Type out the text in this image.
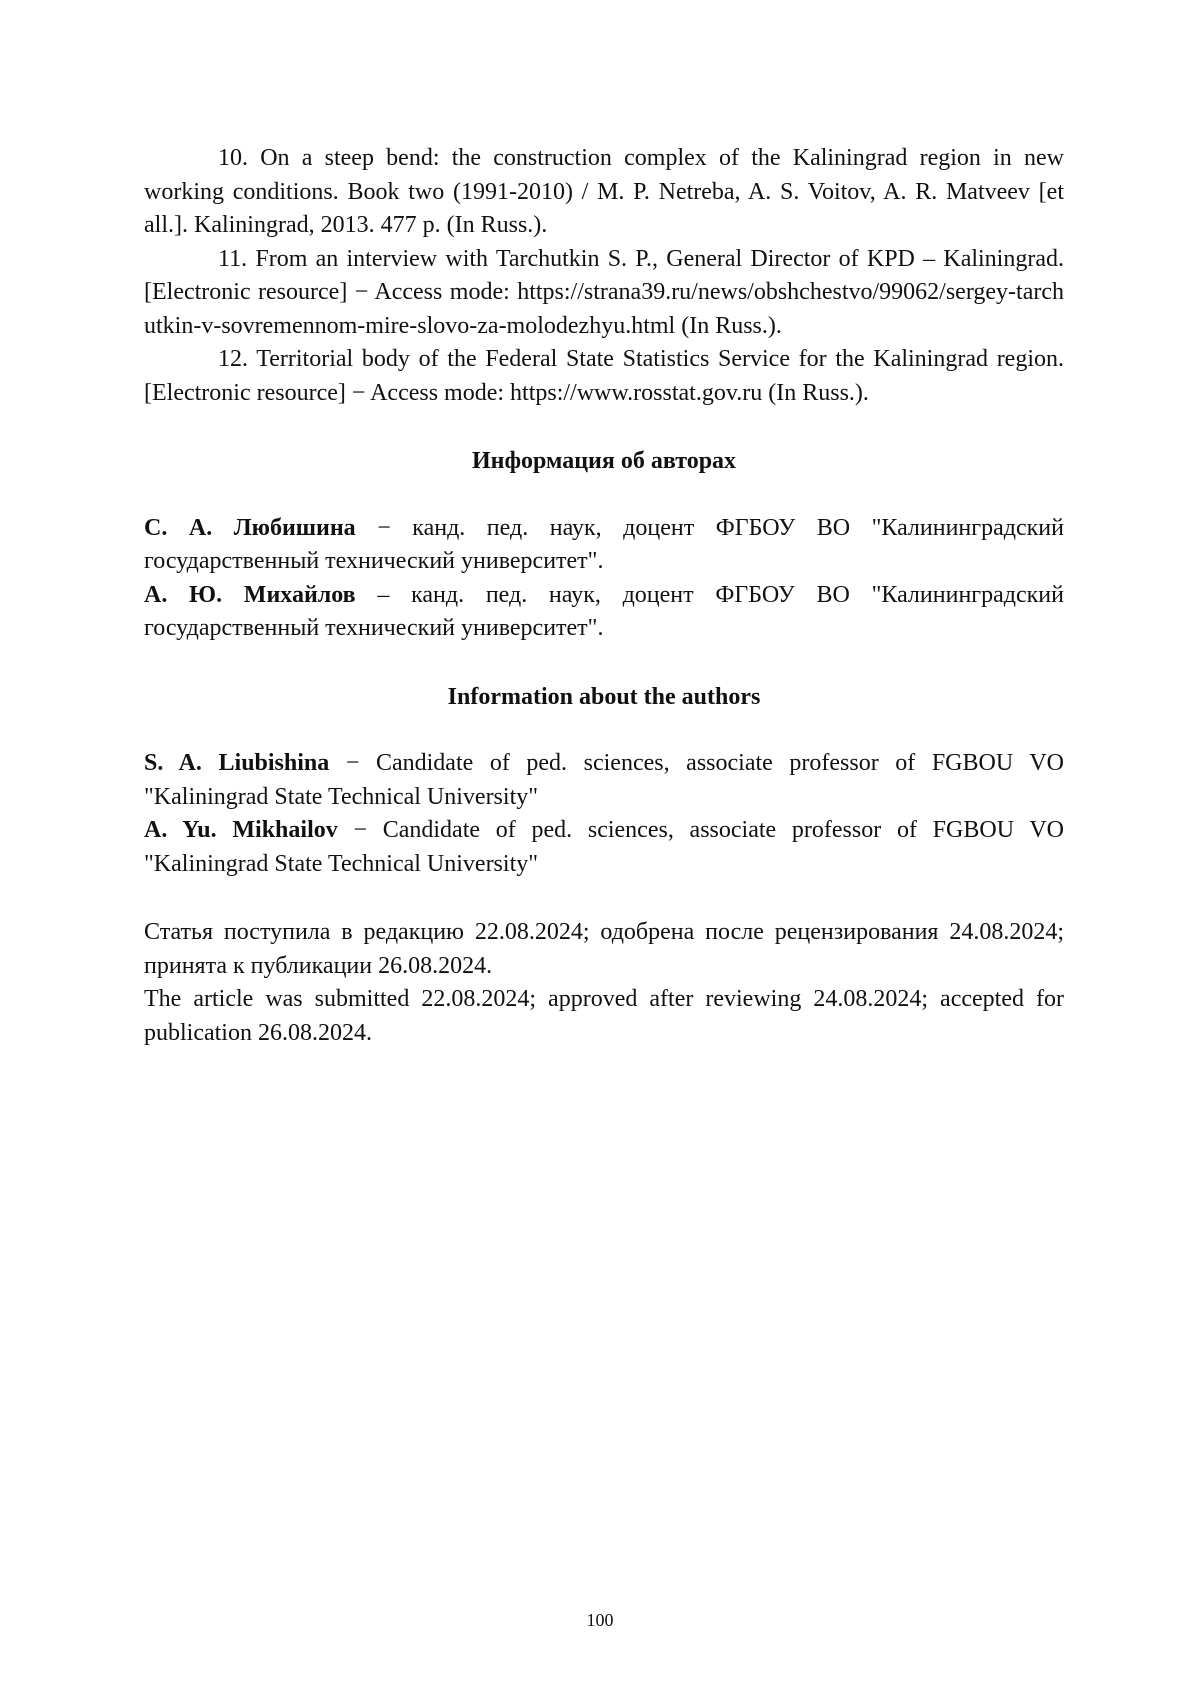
10. On a steep bend: the construction complex of the Kaliningrad region in new working conditions. Book two (1991-2010) / M. P. Netreba, A. S. Voitov, A. R. Matveev [et all.]. Kaliningrad, 2013. 477 p. (In Russ.).

11. From an interview with Tarchutkin S. P., General Director of KPD – Kaliningrad. [Electronic resource] − Access mode: https://strana39.ru/news/obshchestvo/99062/sergey-tarchutkin-v-sovremennom-mire-slovo-za-molodezhyu.html (In Russ.).

12. Territorial body of the Federal State Statistics Service for the Kaliningrad region. [Electronic resource] − Access mode: https://www.rosstat.gov.ru (In Russ.).

Информация об авторах

С. А. Любишина − канд. пед. наук, доцент ФГБОУ ВО "Калининградский государственный технический университет".

А. Ю. Михайлов – канд. пед. наук, доцент ФГБОУ ВО "Калининградский государственный технический университет".

Information about the authors

S. A. Liubishina − Candidate of ped. sciences, associate professor of FGBOU VO "Kaliningrad State Technical University"

A. Yu. Mikhailov − Candidate of ped. sciences, associate professor of FGBOU VO "Kaliningrad State Technical University"

Статья поступила в редакцию 22.08.2024; одобрена после рецензирования 24.08.2024; принята к публикации 26.08.2024.

The article was submitted 22.08.2024; approved after reviewing 24.08.2024; accepted for publication 26.08.2024.

100
